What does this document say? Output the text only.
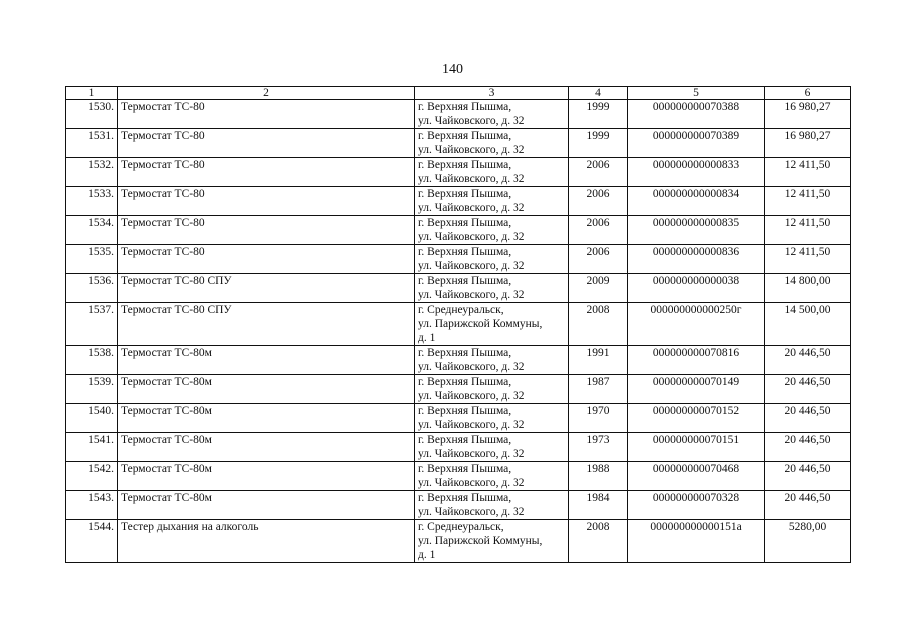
140
1	2	3	4	5	6
1530.	Термостат ТС-80	г. Верхняя Пышма,
ул. Чайковского, д. 32	1999	000000000070388	16 980,27
1531.	Термостат ТС-80	г. Верхняя Пышма,
ул. Чайковского, д. 32	1999	000000000070389	16 980,27
1532.	Термостат ТС-80	г. Верхняя Пышма,
ул. Чайковского, д. 32	2006	000000000000833	12 411,50
1533.	Термостат ТС-80	г. Верхняя Пышма,
ул. Чайковского, д. 32	2006	000000000000834	12 411,50
1534.	Термостат ТС-80	г. Верхняя Пышма,
ул. Чайковского, д. 32	2006	000000000000835	12 411,50
1535.	Термостат ТС-80	г. Верхняя Пышма,
ул. Чайковского, д. 32	2006	000000000000836	12 411,50
1536.	Термостат ТС-80 СПУ	г. Верхняя Пышма,
ул. Чайковского, д. 32	2009	000000000000038	14 800,00
1537.	Термостат ТС-80 СПУ	г. Среднеуральск,
ул. Парижской Коммуны,
д. 1	2008	000000000000250г	14 500,00
1538.	Термостат ТС-80м	г. Верхняя Пышма,
ул. Чайковского, д. 32	1991	000000000070816	20 446,50
1539.	Термостат ТС-80м	г. Верхняя Пышма,
ул. Чайковского, д. 32	1987	000000000070149	20 446,50
1540.	Термостат ТС-80м	г. Верхняя Пышма,
ул. Чайковского, д. 32	1970	000000000070152	20 446,50
1541.	Термостат ТС-80м	г. Верхняя Пышма,
ул. Чайковского, д. 32	1973	000000000070151	20 446,50
1542.	Термостат ТС-80м	г. Верхняя Пышма,
ул. Чайковского, д. 32	1988	000000000070468	20 446,50
1543.	Термостат ТС-80м	г. Верхняя Пышма,
ул. Чайковского, д. 32	1984	000000000070328	20 446,50
1544.	Тестер дыхания на алкоголь	г. Среднеуральск,
ул. Парижской Коммуны,
д. 1	2008	000000000000151а	5280,00
